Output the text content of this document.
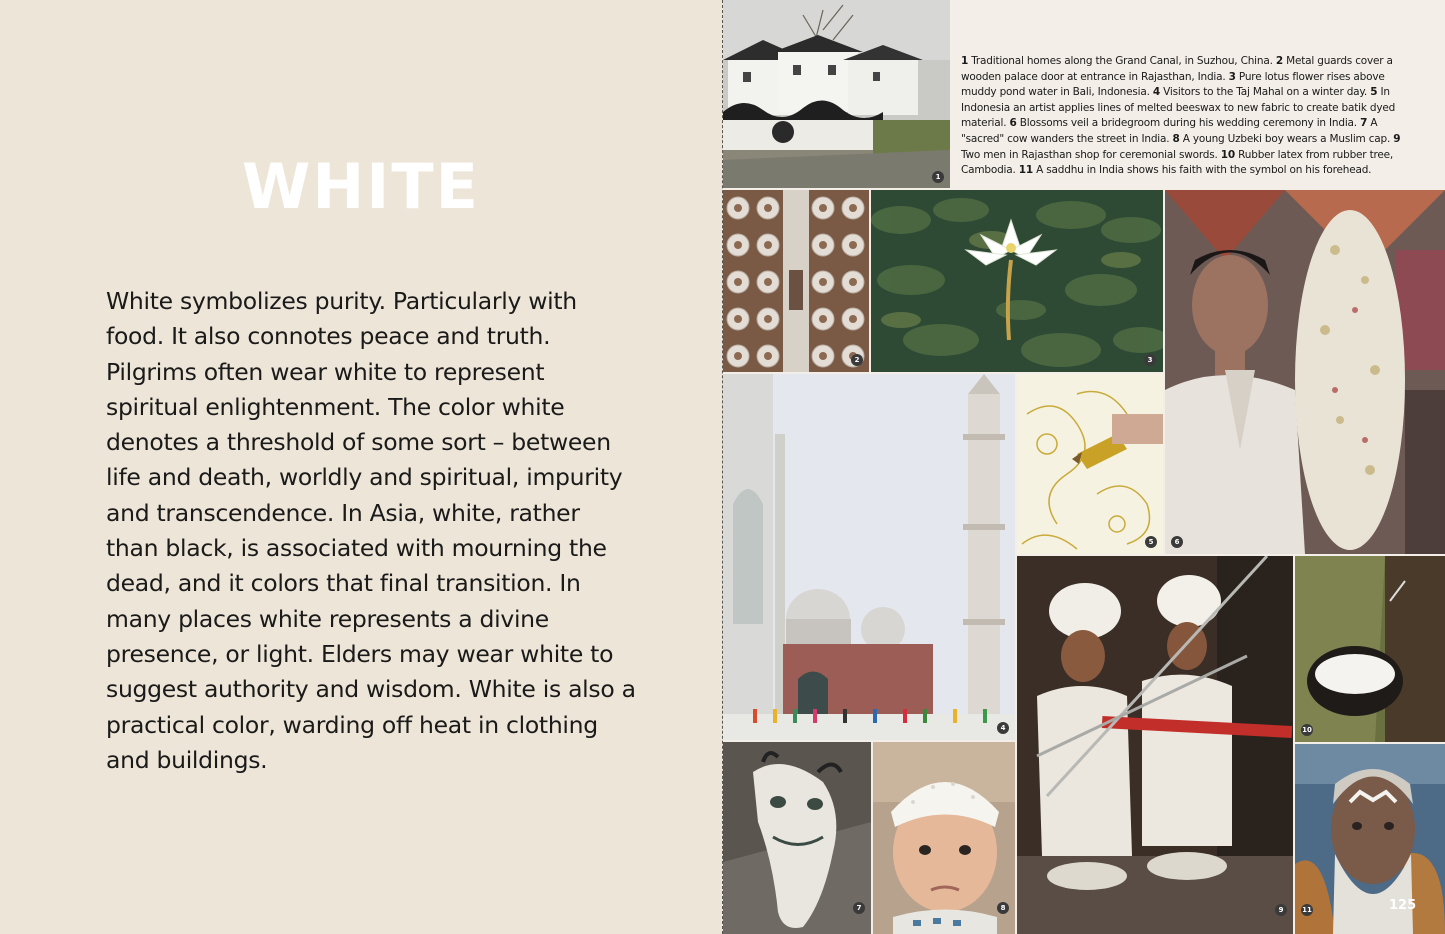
WHITE

White symbolizes purity. Particularly with food. It also connotes peace and truth. Pilgrims often wear white to represent spiritual enlightenment. The color white denotes a threshold of some sort – between life and death, worldly and spiritual, impurity and transcendence. In Asia, white, rather than black, is associated with mourning the dead, and it colors that final transition. In many places white represents a divine presence, or light. Elders may wear white to suggest authority and wisdom. White is also a practical color, warding off heat in clothing and buildings.

1
1 Traditional homes along the Grand Canal, in Suzhou, China. 2 Metal guards cover a wooden palace door at entrance in Rajasthan, India. 3 Pure lotus flower rises above muddy pond water in Bali, Indonesia. 4 Visitors to the Taj Mahal on a winter day. 5 In Indonesia an artist applies lines of melted beeswax to new fabric to create batik dyed material. 6 Blossoms veil a bridegroom during his wedding ceremony in India. 7 A "sacred" cow wanders the street in India. 8 A young Uzbeki boy wears a Muslim cap. 9 Two men in Rajasthan shop for ceremonial swords. 10 Rubber latex from rubber tree, Cambodia. 11 A saddhu in India shows his faith with the symbol on his forehead.
2	3
6
4
5
9
10
7	8	11	125
